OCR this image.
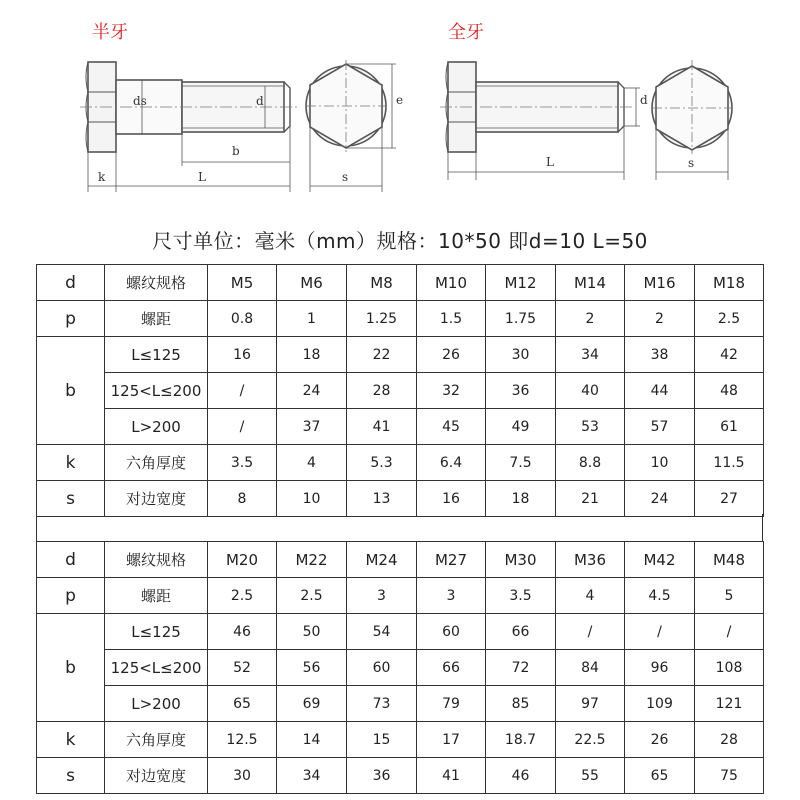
半牙	全牙
ds	d
b
L
k
e
s
d
L	s
尺寸单位：毫米（mm）规格：10*50 即d=10 L=50
d	螺纹规格	M5	M6	M8	M10	M12	M14	M16	M18
p	螺距	0.8	1	1.25	1.5	1.75	2	2	2.5
b	L≤125	16	18	22	26	30	34	38	42
	125<L≤200	/	24	28	32	36	40	44	48
	L>200	/	37	41	45	49	53	57	61
k	六角厚度	3.5	4	5.3	6.4	7.5	8.8	10	11.5
s	对边宽度	8	10	13	16	18	21	24	27
d	螺纹规格	M20	M22	M24	M27	M30	M36	M42	M48
p	螺距	2.5	2.5	3	3	3.5	4	4.5	5
b	L≤125	46	50	54	60	66	/	/	/
	125<L≤200	52	56	60	66	72	84	96	108
	L>200	65	69	73	79	85	97	109	121
k	六角厚度	12.5	14	15	17	18.7	22.5	26	28
s	对边宽度	30	34	36	41	46	55	65	75
